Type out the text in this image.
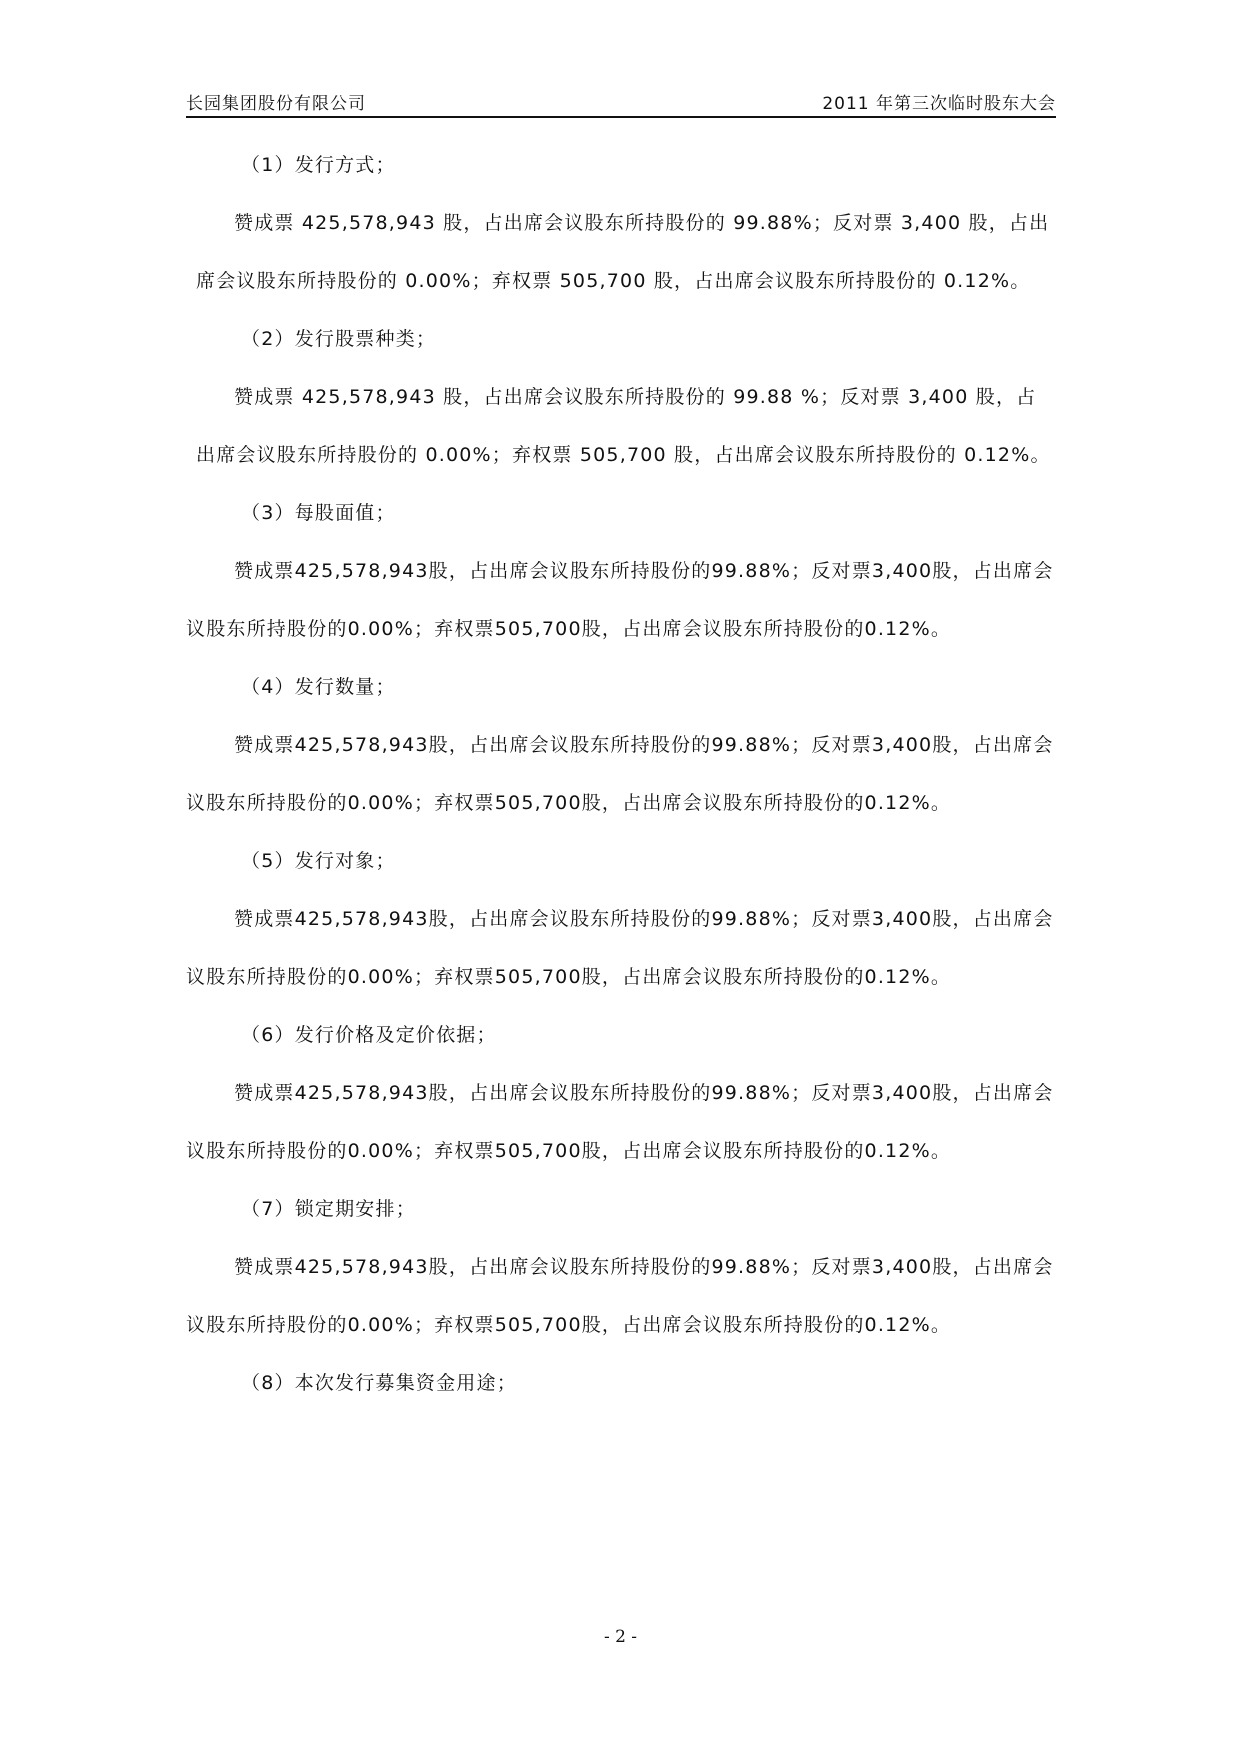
长园集团股份有限公司	2011 年第三次临时股东大会
（1）发行方式；
赞成票 425,578,943 股，占出席会议股东所持股份的 99.88%；反对票 3,400 股，占出
席会议股东所持股份的 0.00%；弃权票 505,700 股，占出席会议股东所持股份的 0.12%。
（2）发行股票种类；
赞成票 425,578,943 股，占出席会议股东所持股份的 99.88 %；反对票 3,400 股，占
出席会议股东所持股份的 0.00%；弃权票 505,700 股，占出席会议股东所持股份的 0.12%。
（3）每股面值；
赞成票425,578,943股，占出席会议股东所持股份的99.88%；反对票3,400股，占出席会
议股东所持股份的0.00%；弃权票505,700股，占出席会议股东所持股份的0.12%。
（4）发行数量；
赞成票425,578,943股，占出席会议股东所持股份的99.88%；反对票3,400股，占出席会
议股东所持股份的0.00%；弃权票505,700股，占出席会议股东所持股份的0.12%。
（5）发行对象；
赞成票425,578,943股，占出席会议股东所持股份的99.88%；反对票3,400股，占出席会
议股东所持股份的0.00%；弃权票505,700股，占出席会议股东所持股份的0.12%。
（6）发行价格及定价依据；
赞成票425,578,943股，占出席会议股东所持股份的99.88%；反对票3,400股，占出席会
议股东所持股份的0.00%；弃权票505,700股，占出席会议股东所持股份的0.12%。
（7）锁定期安排；
赞成票425,578,943股，占出席会议股东所持股份的99.88%；反对票3,400股，占出席会
议股东所持股份的0.00%；弃权票505,700股，占出席会议股东所持股份的0.12%。
（8）本次发行募集资金用途；
- 2 -
